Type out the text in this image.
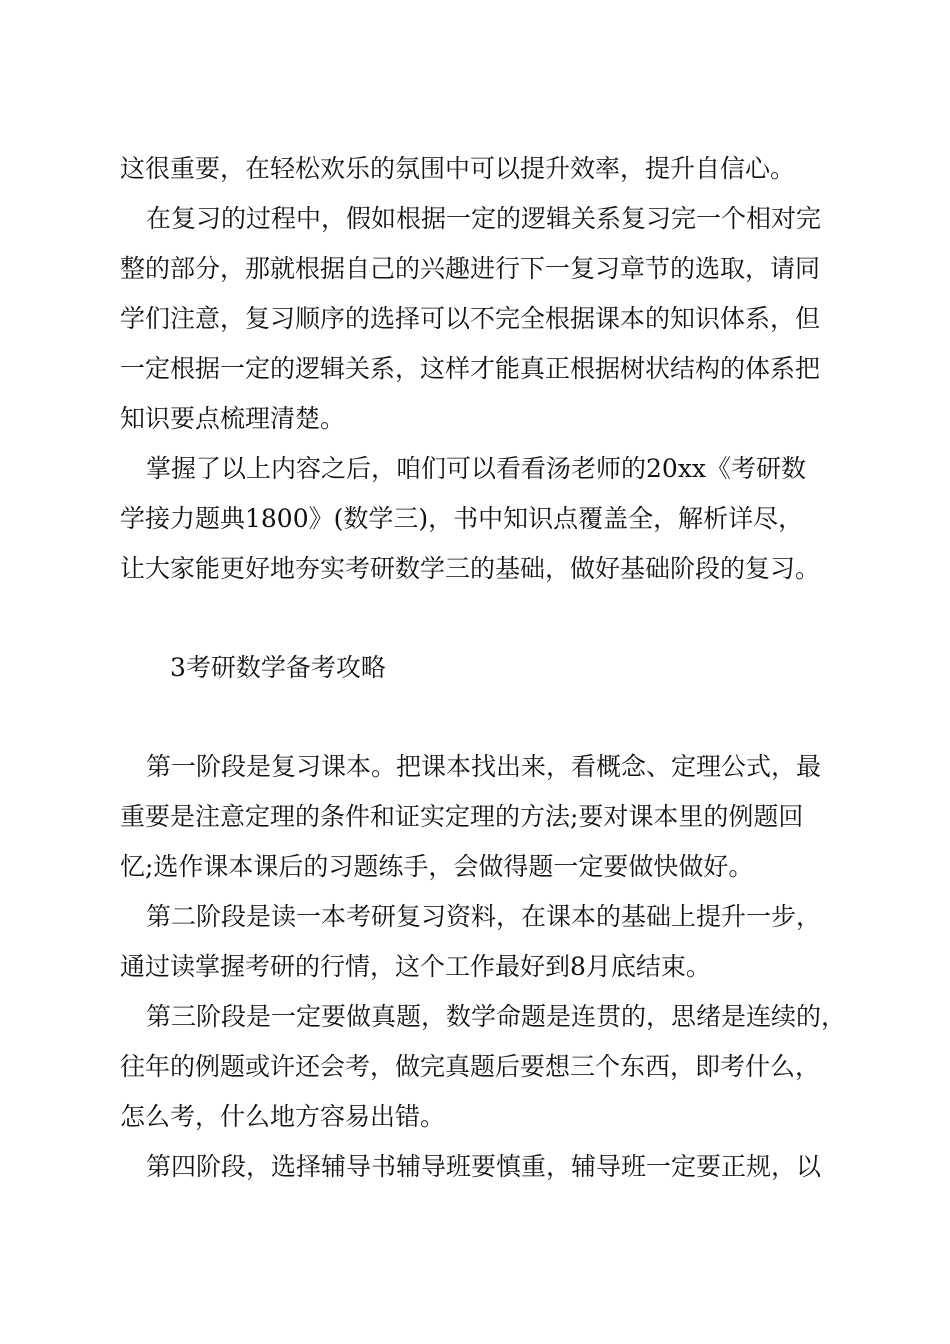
这很重要，在轻松欢乐的氛围中可以提升效率，提升自信心。
在复习的过程中，假如根据一定的逻辑关系复习完一个相对完
整的部分，那就根据自己的兴趣进行下一复习章节的选取，请同
学们注意，复习顺序的选择可以不完全根据课本的知识体系，但
一定根据一定的逻辑关系，这样才能真正根据树状结构的体系把
知识要点梳理清楚。
掌握了以上内容之后，咱们可以看看汤老师的20xx《考研数
学接力题典1800》(数学三)，书中知识点覆盖全，解析详尽，
让大家能更好地夯实考研数学三的基础，做好基础阶段的复习。
3考研数学备考攻略
第一阶段是复习课本。把课本找出来，看概念、定理公式，最
重要是注意定理的条件和证实定理的方法;要对课本里的例题回
忆;选作课本课后的习题练手，会做得题一定要做快做好。
第二阶段是读一本考研复习资料，在课本的基础上提升一步，
通过读掌握考研的行情，这个工作最好到8月底结束。
第三阶段是一定要做真题，数学命题是连贯的，思绪是连续的，
往年的例题或许还会考，做完真题后要想三个东西，即考什么，
怎么考，什么地方容易出错。
第四阶段，选择辅导书辅导班要慎重，辅导班一定要正规，以
